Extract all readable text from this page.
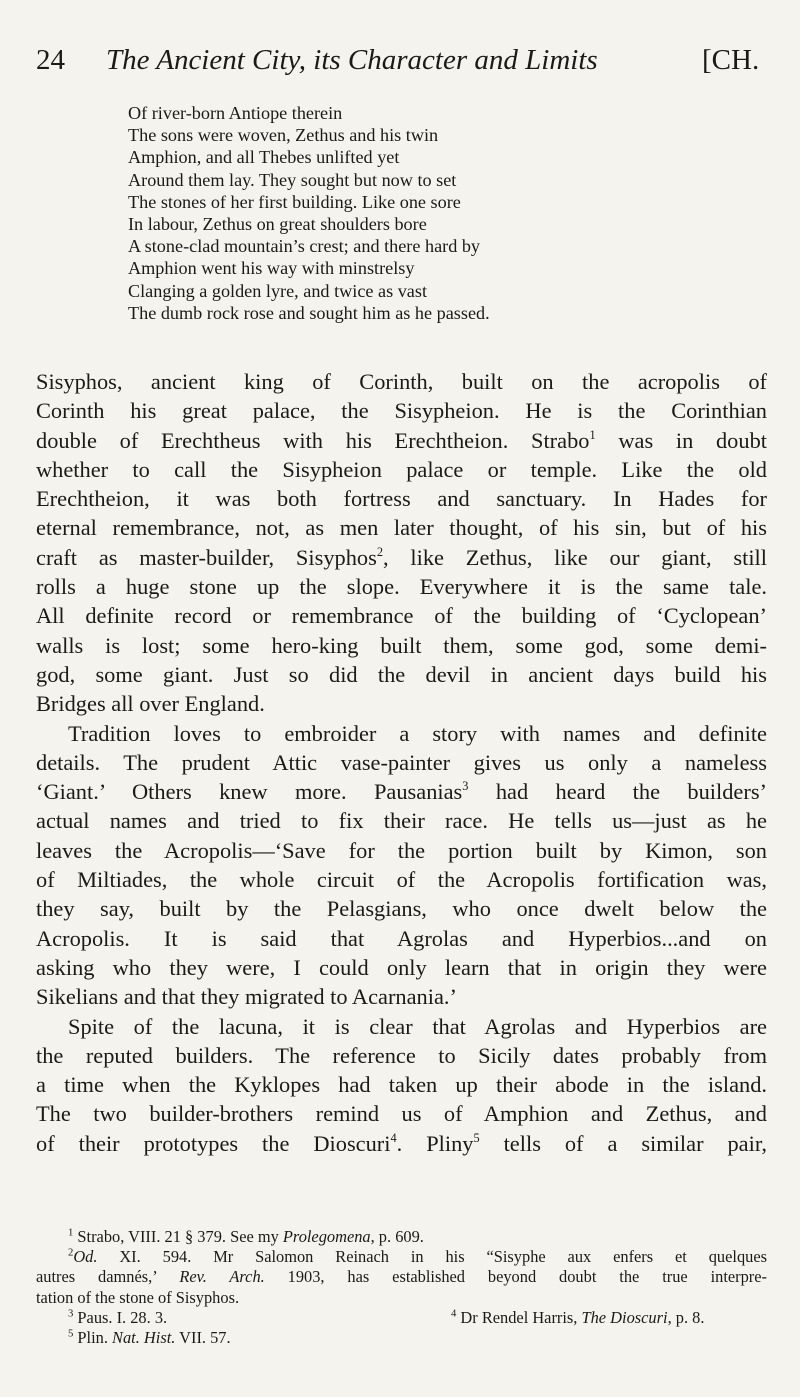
24 The Ancient City, its Character and Limits	[CH.
Of river-born Antiope therein
The sons were woven, Zethus and his twin
Amphion, and all Thebes unlifted yet
Around them lay. They sought but now to set
The stones of her first building. Like one sore
In labour, Zethus on great shoulders bore
A stone-clad mountain’s crest; and there hard by
Amphion went his way with minstrelsy
Clanging a golden lyre, and twice as vast
The dumb rock rose and sought him as he passed.
Sisyphos, ancient king of Corinth, built on the acropolis of
Corinth his great palace, the Sisypheion. He is the Corinthian
double of Erechtheus with his Erechtheion. Strabo$^1$ was in doubt
whether to call the Sisypheion palace or temple. Like the old
Erechtheion, it was both fortress and sanctuary. In Hades for
eternal remembrance, not, as men later thought, of his sin, but of his
craft as master-builder, Sisyphos$^2$, like Zethus, like our giant, still
rolls a huge stone up the slope. Everywhere it is the same tale.
All definite record or remembrance of the building of ‘Cyclopean’
walls is lost; some hero-king built them, some god, some demi-
god, some giant. Just so did the devil in ancient days build his
Bridges all over England.
Tradition loves to embroider a story with names and definite
details. The prudent Attic vase-painter gives us only a nameless
‘Giant.’ Others knew more. Pausanias$^3$ had heard the builders’
actual names and tried to fix their race. He tells us—just as he
leaves the Acropolis—‘Save for the portion built by Kimon, son
of Miltiades, the whole circuit of the Acropolis fortification was,
they say, built by the Pelasgians, who once dwelt below the
Acropolis. It is said that Agrolas and Hyperbios...and on
asking who they were, I could only learn that in origin they were
Sikelians and that they migrated to Acarnania.’
Spite of the lacuna, it is clear that Agrolas and Hyperbios are
the reputed builders. The reference to Sicily dates probably from
a time when the Kyklopes had taken up their abode in the island.
The two builder-brothers remind us of Amphion and Zethus, and
of their prototypes the Dioscuri$^4$. Pliny$^5$ tells of a similar pair,
$^1$ Strabo, VIII. 21 § 379. See my Prolegomena, p. 609.
$^2$Od. XI. 594. Mr Salomon Reinach in his “Sisyphe aux enfers et quelques
autres damnés,’ Rev. Arch. 1903, has established beyond doubt the true interpre-
tation of the stone of Sisyphos.
$^3$ Paus. I. 28. 3.	$^4$ Dr Rendel Harris, The Dioscuri, p. 8.
$^5$ Plin. Nat. Hist. VII. 57.
